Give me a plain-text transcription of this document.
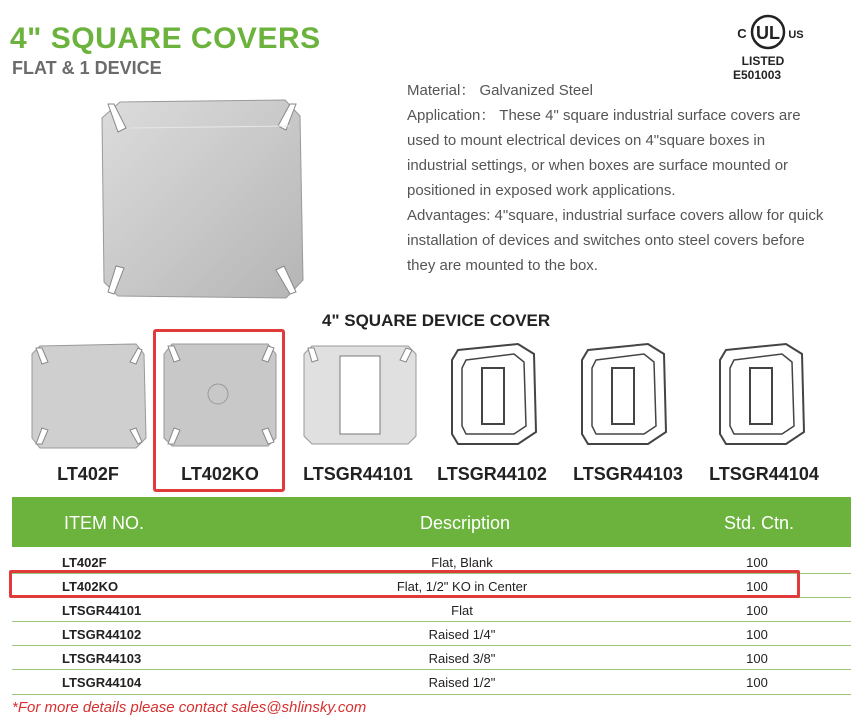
4" SQUARE COVERS
FLAT & 1 DEVICE
UL
C	US
LISTED
E501003

Material： Galvanized Steel

Application： These 4" square industrial surface covers are used to mount electrical devices on 4"square boxes in industrial settings, or when boxes are surface mounted or positioned in exposed work applications.

Advantages: 4"square, industrial surface covers allow for quick installation of devices and switches onto steel covers before they are mounted to the box.

4" SQUARE DEVICE COVER
LT402F	LT402KO	LTSGR44101	LTSGR44102	LTSGR44103	LTSGR44104
ITEM NO.	Description	Std. Ctn.
LT402F	Flat, Blank	100
LT402KO	Flat, 1/2" KO in Center	100
LTSGR44101	Flat	100
LTSGR44102	Raised 1/4"	100
LTSGR44103	Raised 3/8"	100
LTSGR44104	Raised 1/2"	100
*For more details please contact sales@shlinsky.com
